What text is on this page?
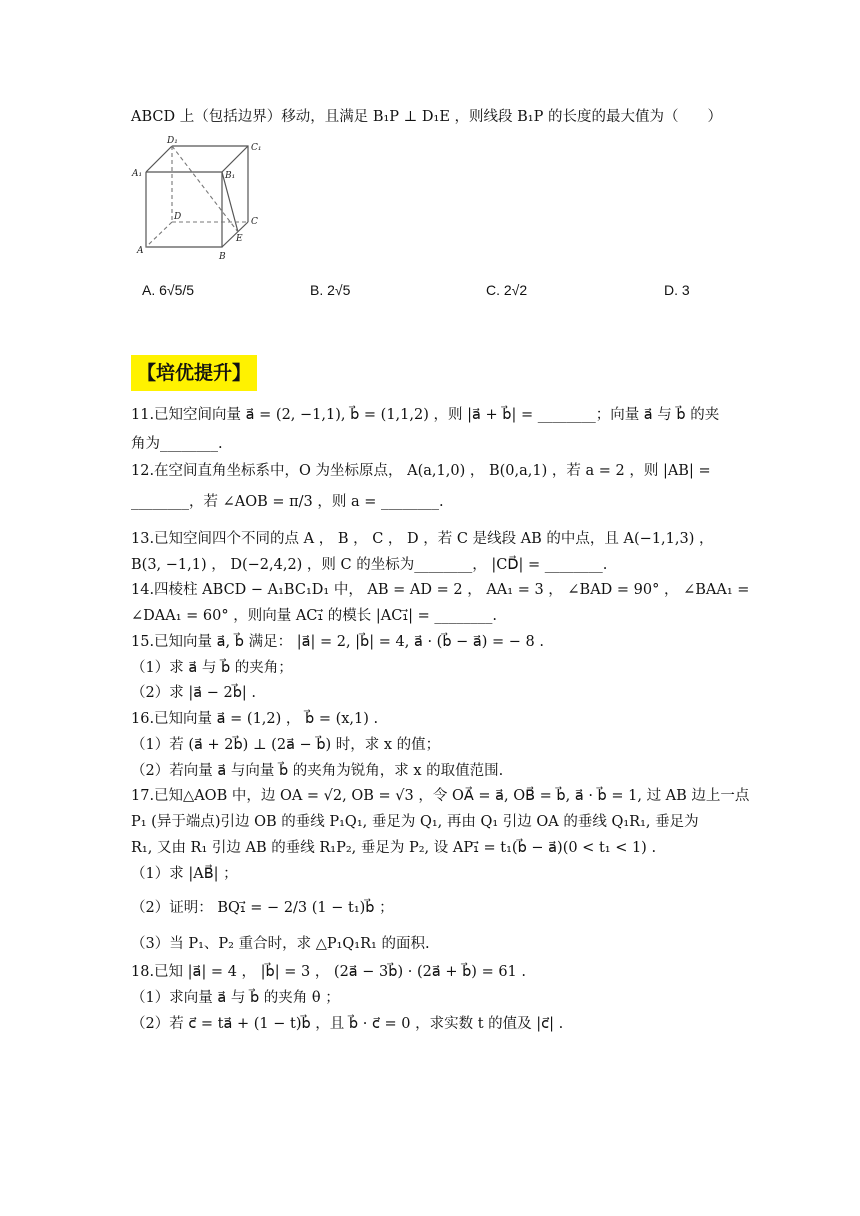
ABCD 上（包括边界）移动，且满足 B₁P ⊥ D₁E ，则线段 B₁P 的长度的最大值为（　　）
D₁
C₁
A₁	B₁
D	C
E
A
B
A. 6√5/5	B. 2√5	C. 2√2	D. 3
【培优提升】
11.已知空间向量 a⃗ = (2, −1,1), b⃗ = (1,1,2) ，则 |a⃗ + b⃗| = ________；向量 a⃗ 与 b⃗ 的夹
角为________.
12.在空间直角坐标系中，O 为坐标原点， A(a,1,0) ， B(0,a,1) ，若 a = 2 ，则 |AB| =
________，若 ∠AOB = π/3 ，则 a = ________.
13.已知空间四个不同的点 A ， B ， C ， D ，若 C 是线段 AB 的中点，且 A(−1,1,3) ，
B(3, −1,1) ， D(−2,4,2) ，则 C 的坐标为________， |CD⃗| = ________.
14.四棱柱 ABCD − A₁BC₁D₁ 中， AB = AD = 2 ， AA₁ = 3 ， ∠BAD = 90° ， ∠BAA₁ =
∠DAA₁ = 60° ，则向量 AC₁⃗ 的模长 |AC₁⃗| = ________.
15.已知向量 a⃗, b⃗ 满足： |a⃗| = 2, |b⃗| = 4, a⃗ · (b⃗ − a⃗) = − 8 .
（1）求 a⃗ 与 b⃗ 的夹角；
（2）求 |a⃗ − 2b⃗| .
16.已知向量 a⃗ = (1,2) ， b⃗ = (x,1) .
（1）若 (a⃗ + 2b⃗) ⊥ (2a⃗ − b⃗) 时，求 x 的值；
（2）若向量 a⃗ 与向量 b⃗ 的夹角为锐角，求 x 的取值范围.
17.已知△AOB 中，边 OA = √2, OB = √3 ，令 OA⃗ = a⃗, OB⃗ = b⃗, a⃗ · b⃗ = 1, 过 AB 边上一点
P₁ (异于端点)引边 OB 的垂线 P₁Q₁, 垂足为 Q₁, 再由 Q₁ 引边 OA 的垂线 Q₁R₁, 垂足为
R₁, 又由 R₁ 引边 AB 的垂线 R₁P₂, 垂足为 P₂, 设 AP₁⃗ = t₁(b⃗ − a⃗)(0 < t₁ < 1) .
（1）求 |AB⃗| ；
（2）证明： BQ₁⃗ = − 2/3 (1 − t₁)b⃗ ；
（3）当 P₁、P₂ 重合时，求 △P₁Q₁R₁ 的面积.
18.已知 |a⃗| = 4 ， |b⃗| = 3 ， (2a⃗ − 3b⃗) · (2a⃗ + b⃗) = 61 .
（1）求向量 a⃗ 与 b⃗ 的夹角 θ ；
（2）若 c⃗ = ta⃗ + (1 − t)b⃗ ，且 b⃗ · c⃗ = 0 ，求实数 t 的值及 |c⃗| .
